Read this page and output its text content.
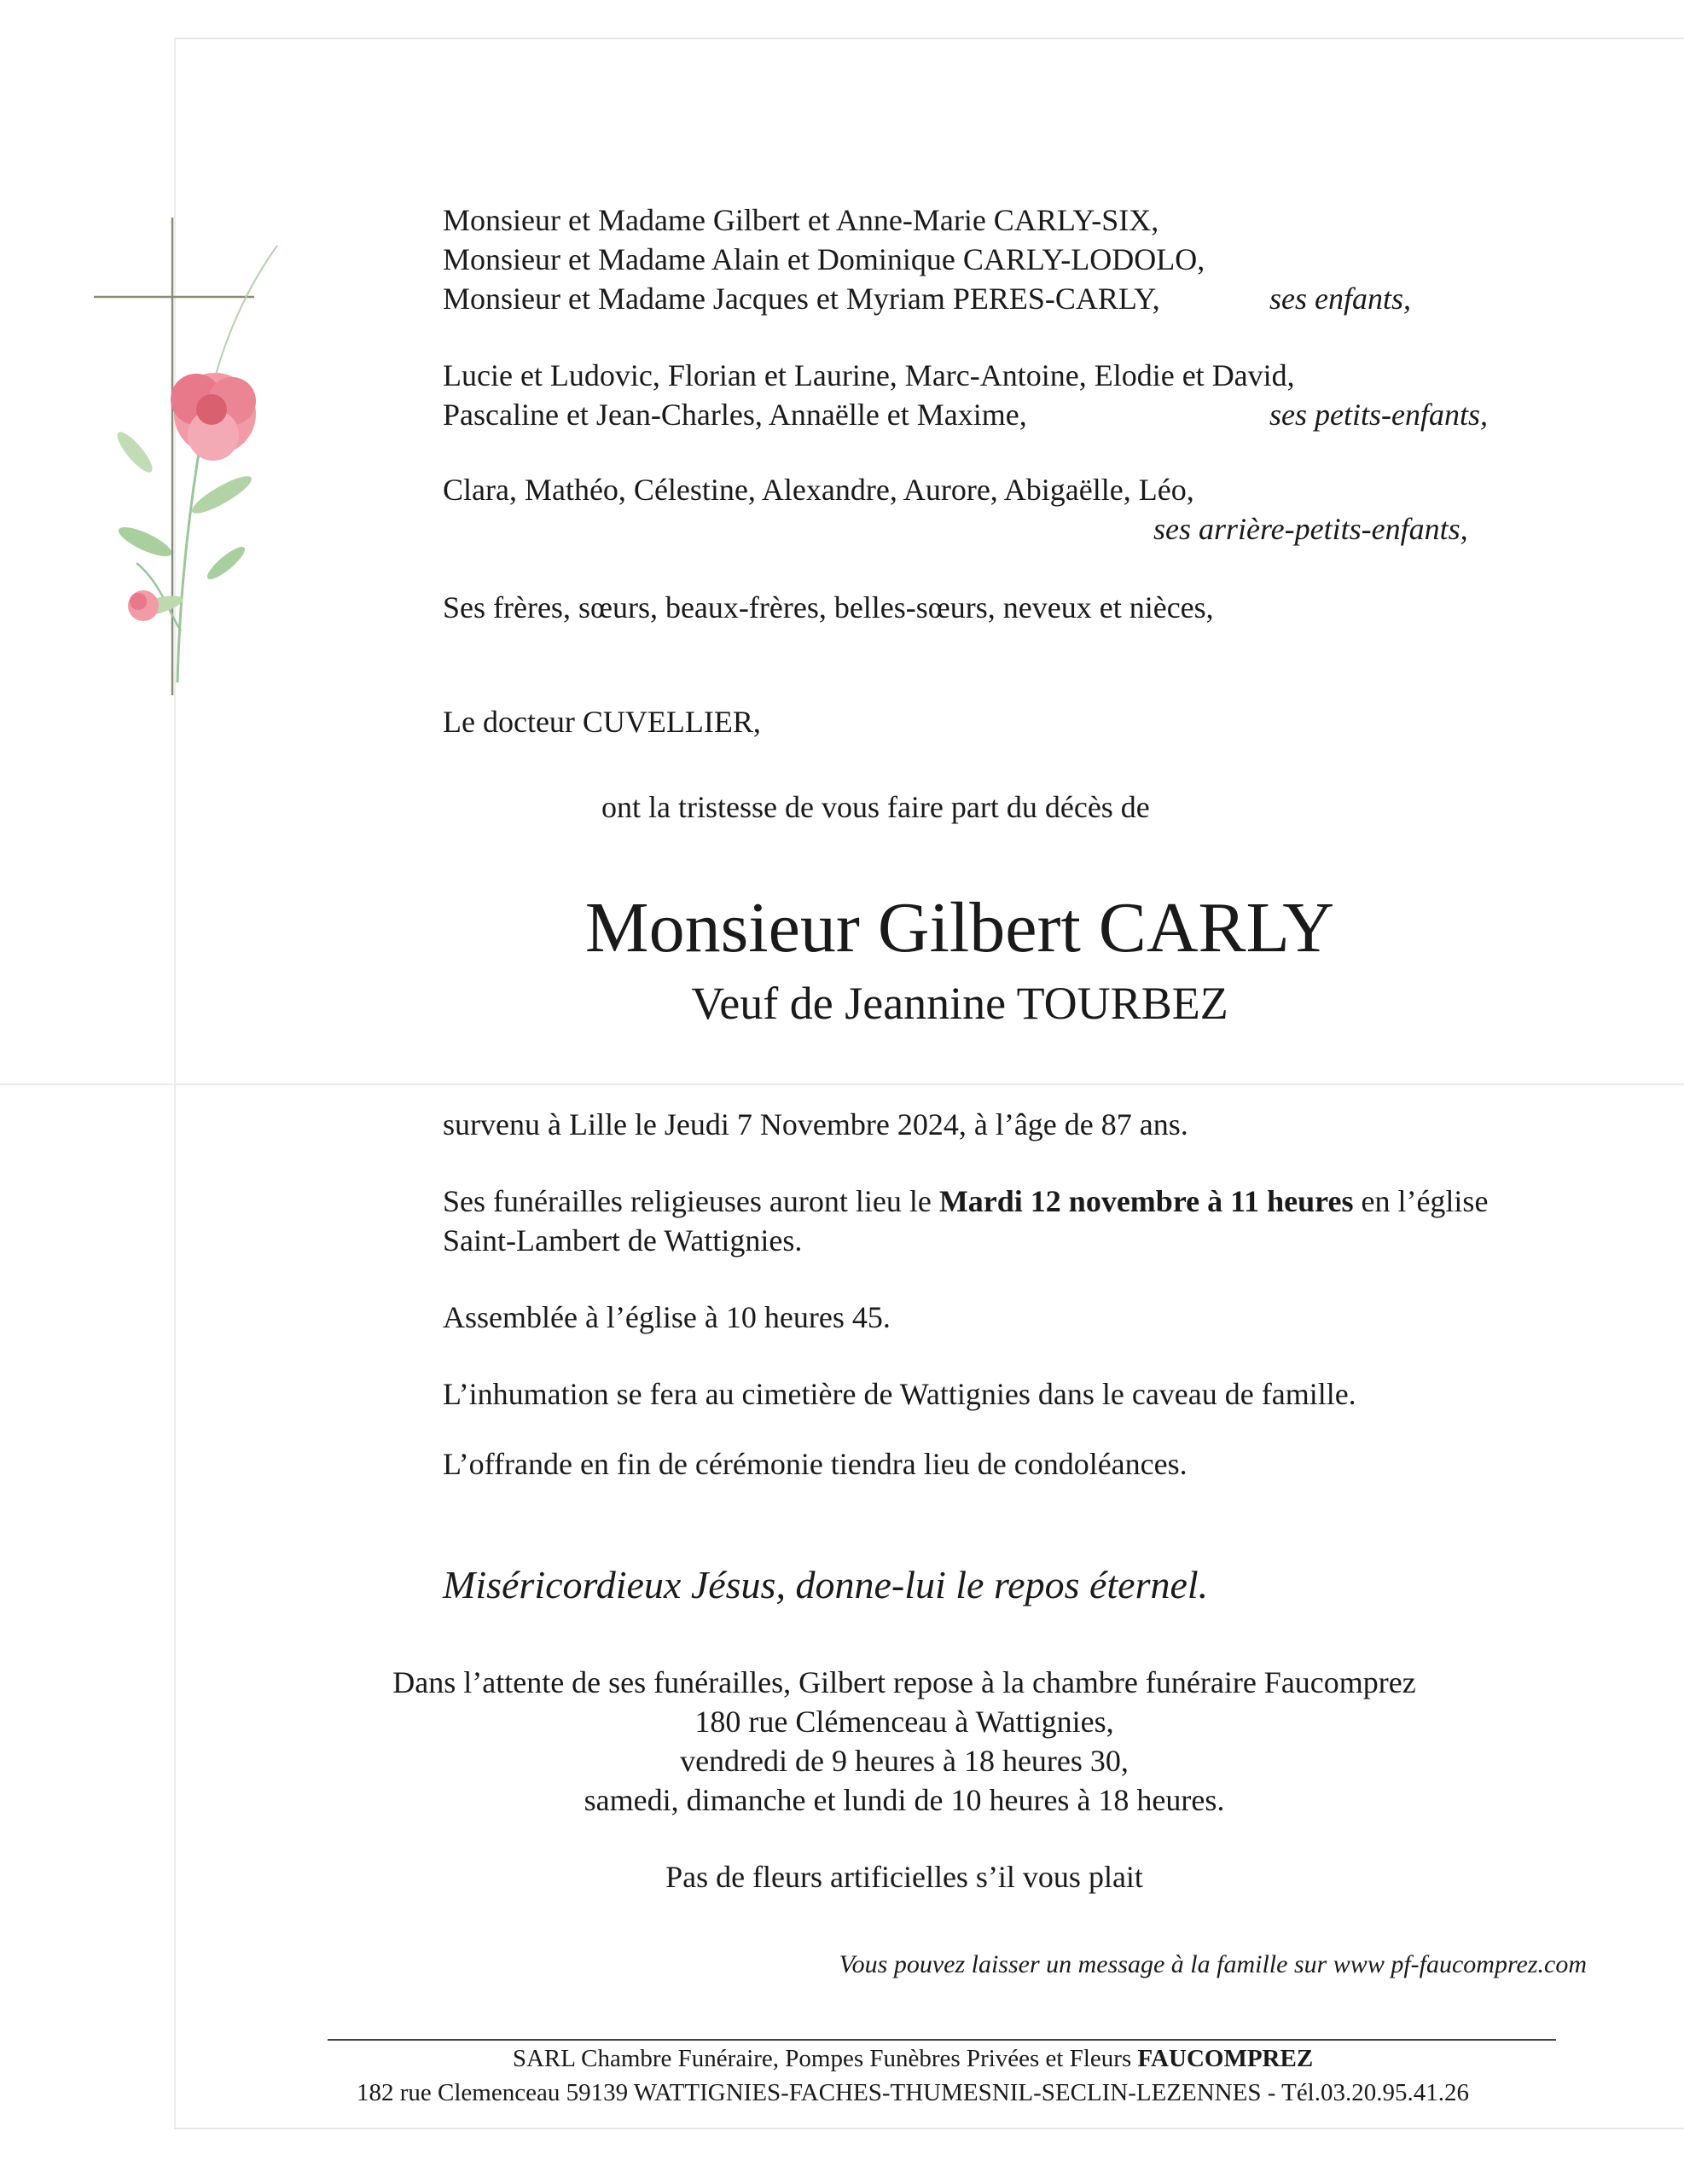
Monsieur et Madame Gilbert et Anne-Marie CARLY-SIX,
Monsieur et Madame Alain et Dominique CARLY-LODOLO,
Monsieur et Madame Jacques et Myriam PERES-CARLY,	ses enfants,
Lucie et Ludovic, Florian et Laurine, Marc-Antoine, Elodie et David,
Pascaline et Jean-Charles, Annaëlle et Maxime,	ses petits-enfants,
Clara, Mathéo, Célestine, Alexandre, Aurore, Abigaëlle, Léo,
ses arrière-petits-enfants,
Ses frères, sœurs, beaux-frères, belles-sœurs, neveux et nièces,
Le docteur CUVELLIER,
ont la tristesse de vous faire part du décès de
Monsieur Gilbert CARLY
Veuf de Jeannine TOURBEZ
survenu à Lille le Jeudi 7 Novembre 2024, à l’âge de 87 ans.
Ses funérailles religieuses auront lieu le Mardi 12 novembre à 11 heures en l’église
Saint-Lambert de Wattignies.
Assemblée à l’église à 10 heures 45.
L’inhumation se fera au cimetière de Wattignies dans le caveau de famille.
L’offrande en fin de cérémonie tiendra lieu de condoléances.
Miséricordieux Jésus, donne-lui le repos éternel.
Dans l’attente de ses funérailles, Gilbert repose à la chambre funéraire Faucomprez
180 rue Clémenceau à Wattignies,
vendredi de 9 heures à 18 heures 30,
samedi, dimanche et lundi de 10 heures à 18 heures.
Pas de fleurs artificielles s’il vous plait
Vous pouvez laisser un message à la famille sur www pf-faucomprez.com
SARL Chambre Funéraire, Pompes Funèbres Privées et Fleurs FAUCOMPREZ
182 rue Clemenceau 59139 WATTIGNIES-FACHES-THUMESNIL-SECLIN-LEZENNES - Tél.03.20.95.41.26
